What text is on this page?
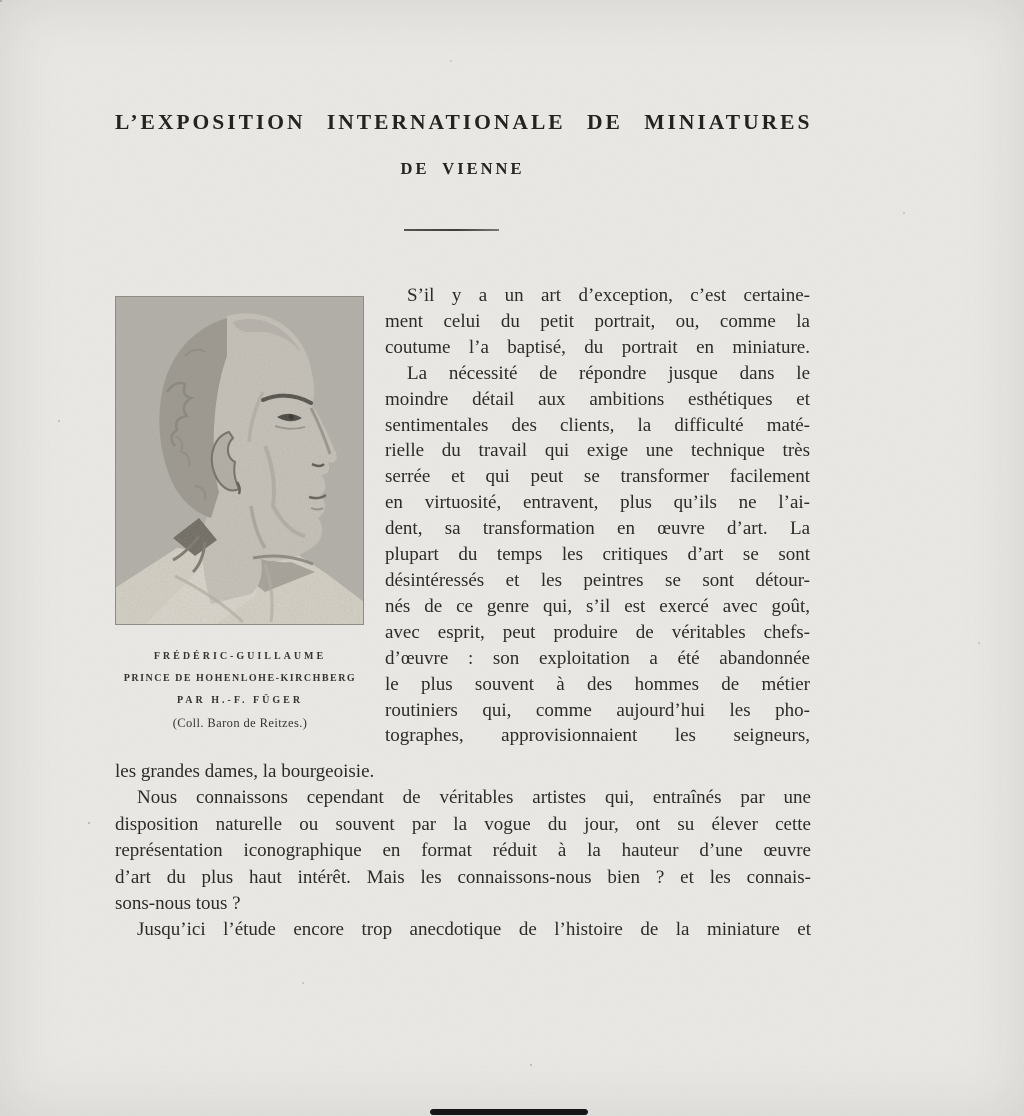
L’EXPOSITION INTERNATIONALE DE MINIATURES
DE VIENNE
FRÉDÉRIC-GUILLAUME
PRINCE DE HOHENLOHE-KIRCHBERG
PAR H.-F. FÜGER
(Coll. Baron de Reitzes.)
S’il y a un art d’exception, c’est certaine-
ment celui du petit portrait, ou, comme la
coutume l’a baptisé, du portrait en miniature.
La nécessité de répondre jusque dans le
moindre détail aux ambitions esthétiques et
sentimentales des clients, la difficulté maté-
rielle du travail qui exige une technique très
serrée et qui peut se transformer facilement
en virtuosité, entravent, plus qu’ils ne l’ai-
dent, sa transformation en œuvre d’art. La
plupart du temps les critiques d’art se sont
désintéressés et les peintres se sont détour-
nés de ce genre qui, s’il est exercé avec goût,
avec esprit, peut produire de véritables chefs-
d’œuvre : son exploitation a été abandonnée
le plus souvent à des hommes de métier
routiniers qui, comme aujourd’hui les pho-
tographes, approvisionnaient les seigneurs,
les grandes dames, la bourgeoisie.
Nous connaissons cependant de véritables artistes qui, entraînés par une
disposition naturelle ou souvent par la vogue du jour, ont su élever cette
représentation iconographique en format réduit à la hauteur d’une œuvre
d’art du plus haut intérêt. Mais les connaissons-nous bien ? et les connais-
sons-nous tous ?
Jusqu’ici l’étude encore trop anecdotique de l’histoire de la miniature et
